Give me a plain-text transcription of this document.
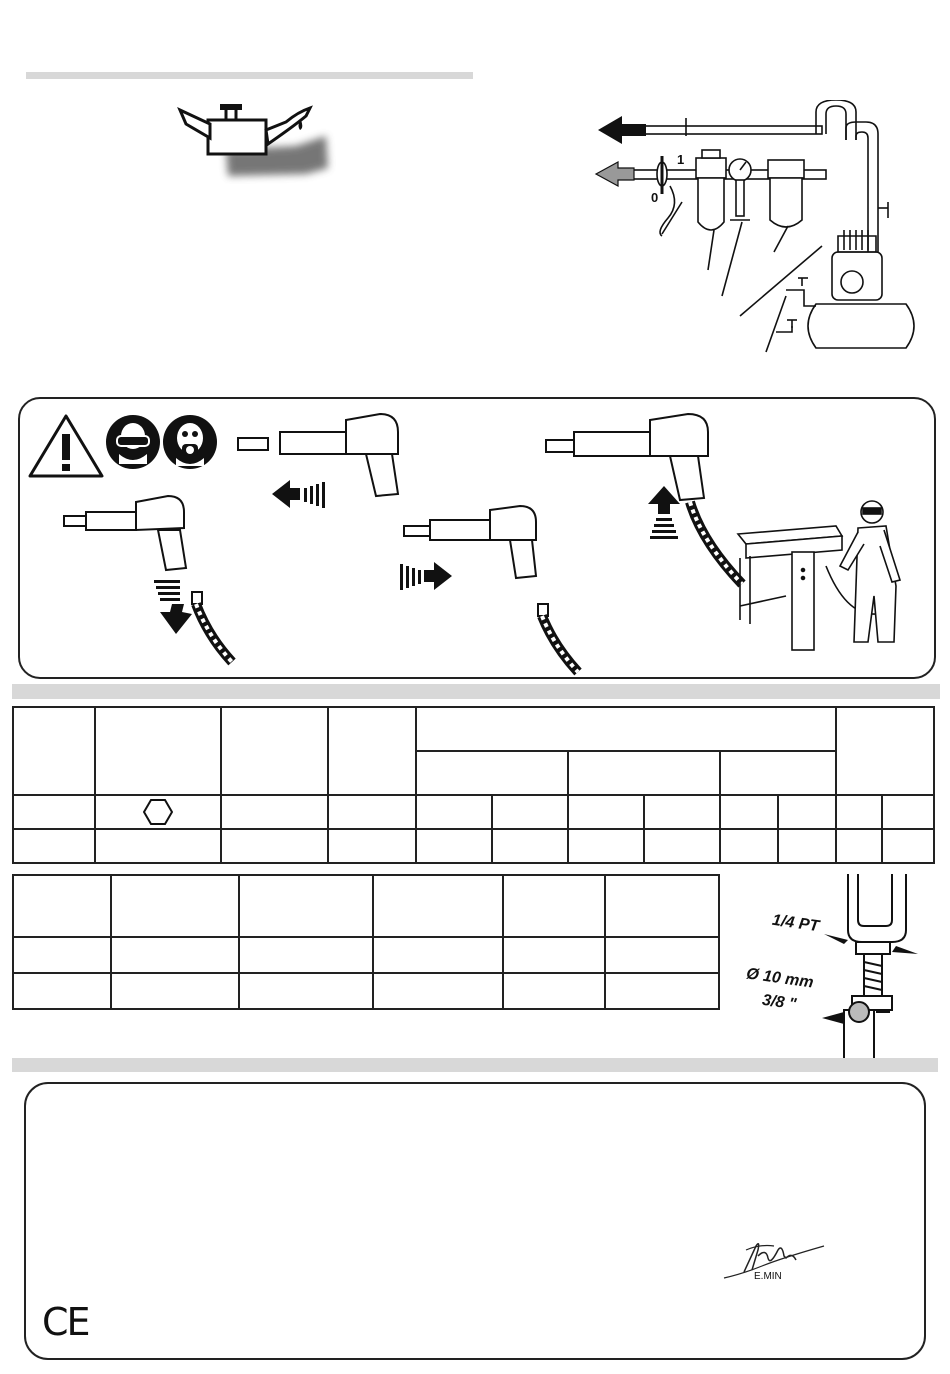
1
0

1/4 PT
Ø 10 mm
3/8 "
E.MIN
CE
